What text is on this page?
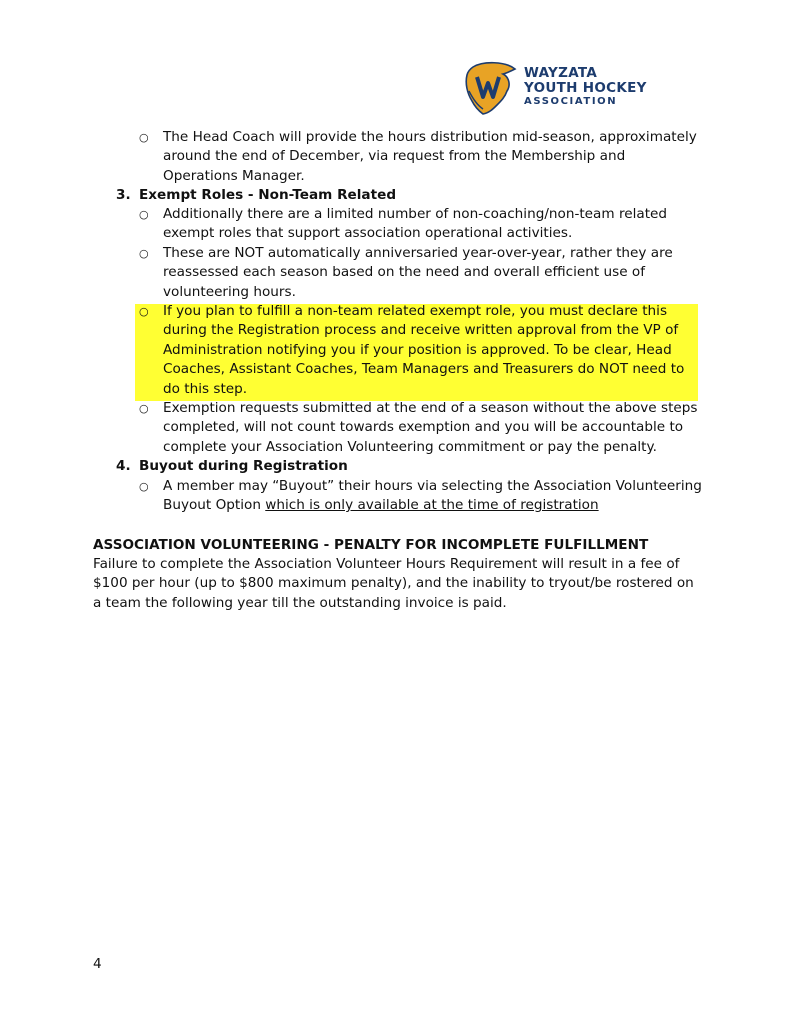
WAYZATA
YOUTH HOCKEY
ASSOCIATION
○	The Head Coach will provide the hours distribution mid-season, approximately around the end of December, via request from the Membership and Operations Manager.
3. Exempt Roles - Non-Team Related
○	Additionally there are a limited number of non-coaching/non-team related exempt roles that support association operational activities.
○	These are NOT automatically anniversaried year-over-year, rather they are reassessed each season based on the need and overall efficient use of volunteering hours.
○	If you plan to fulfill a non-team related exempt role, you must declare this during the Registration process and receive written approval from the VP of Administration notifying you if your position is approved. To be clear, Head Coaches, Assistant Coaches, Team Managers and Treasurers do NOT need to do this step.
○	Exemption requests submitted at the end of a season without the above steps completed, will not count towards exemption and you will be accountable to complete your Association Volunteering commitment or pay the penalty.
4. Buyout during Registration
○	A member may “Buyout” their hours via selecting the Association Volunteering Buyout Option which is only available at the time of registration
ASSOCIATION VOLUNTEERING - PENALTY FOR INCOMPLETE FULFILLMENT
Failure to complete the Association Volunteer Hours Requirement will result in a fee of $100 per hour (up to $800 maximum penalty), and the inability to tryout/be rostered on a team the following year till the outstanding invoice is paid.
4
